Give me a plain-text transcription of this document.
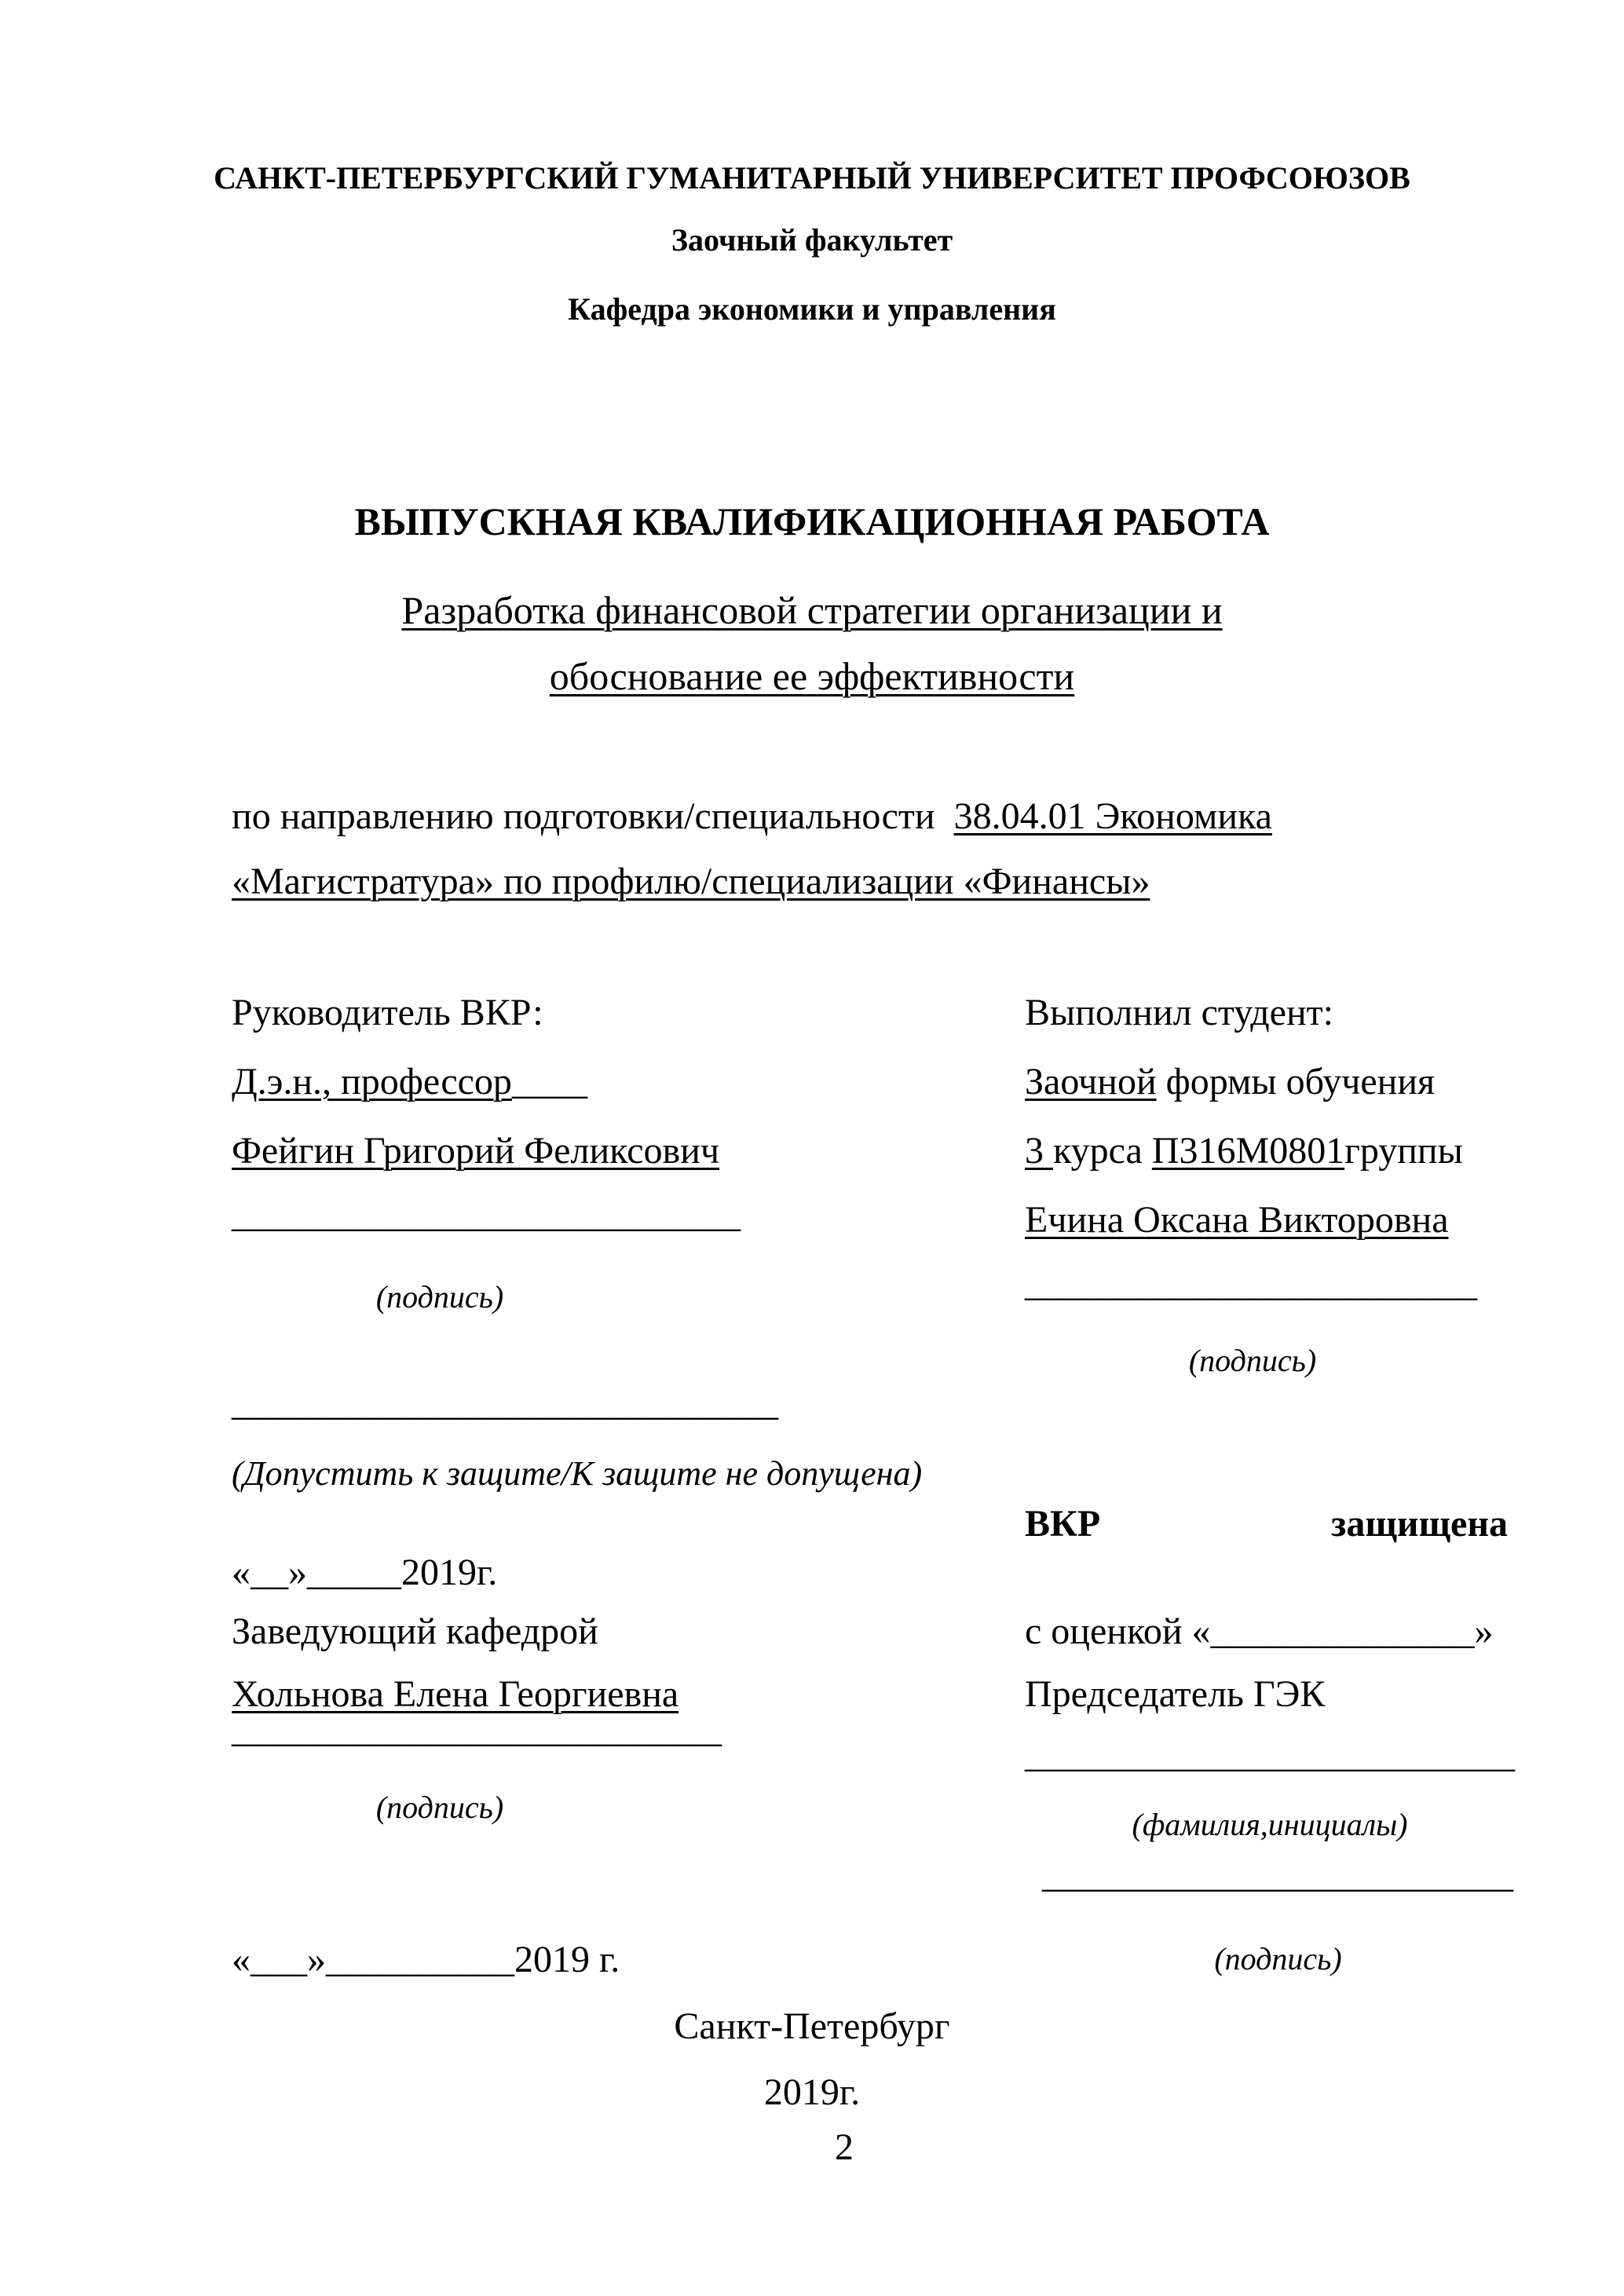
САНКТ-ПЕТЕРБУРГСКИЙ ГУМАНИТАРНЫЙ УНИВЕРСИТЕТ ПРОФСОЮЗОВ
Заочный факультет
Кафедра экономики и управления
ВЫПУСКНАЯ КВАЛИФИКАЦИОННАЯ РАБОТА
Разработка финансовой стратегии организации и
обоснование ее эффективности
по направлению подготовки/специальности  38.04.01 Экономика
«Магистратура» по профилю/специализации «Финансы»
Руководитель ВКР:
Д.э.н., профессор____
Фейгин Григорий Феликсович
___________________________
(подпись)
Выполнил студент:
Заочной формы обучения
3 курса П316М0801группы
Ечина Оксана Викторовна
________________________
(подпись)
_____________________________
(Допустить к защите/К защите не допущена)
«__»_____2019г.
Заведующий кафедрой
Хольнова Елена Георгиевна
__________________________
(подпись)
«___»__________2019 г.
ВКР	защищена
с оценкой «______________»
Председатель ГЭК
__________________________
(фамилия,инициалы)
_________________________
(подпись)
Санкт-Петербург
2019г.
2
